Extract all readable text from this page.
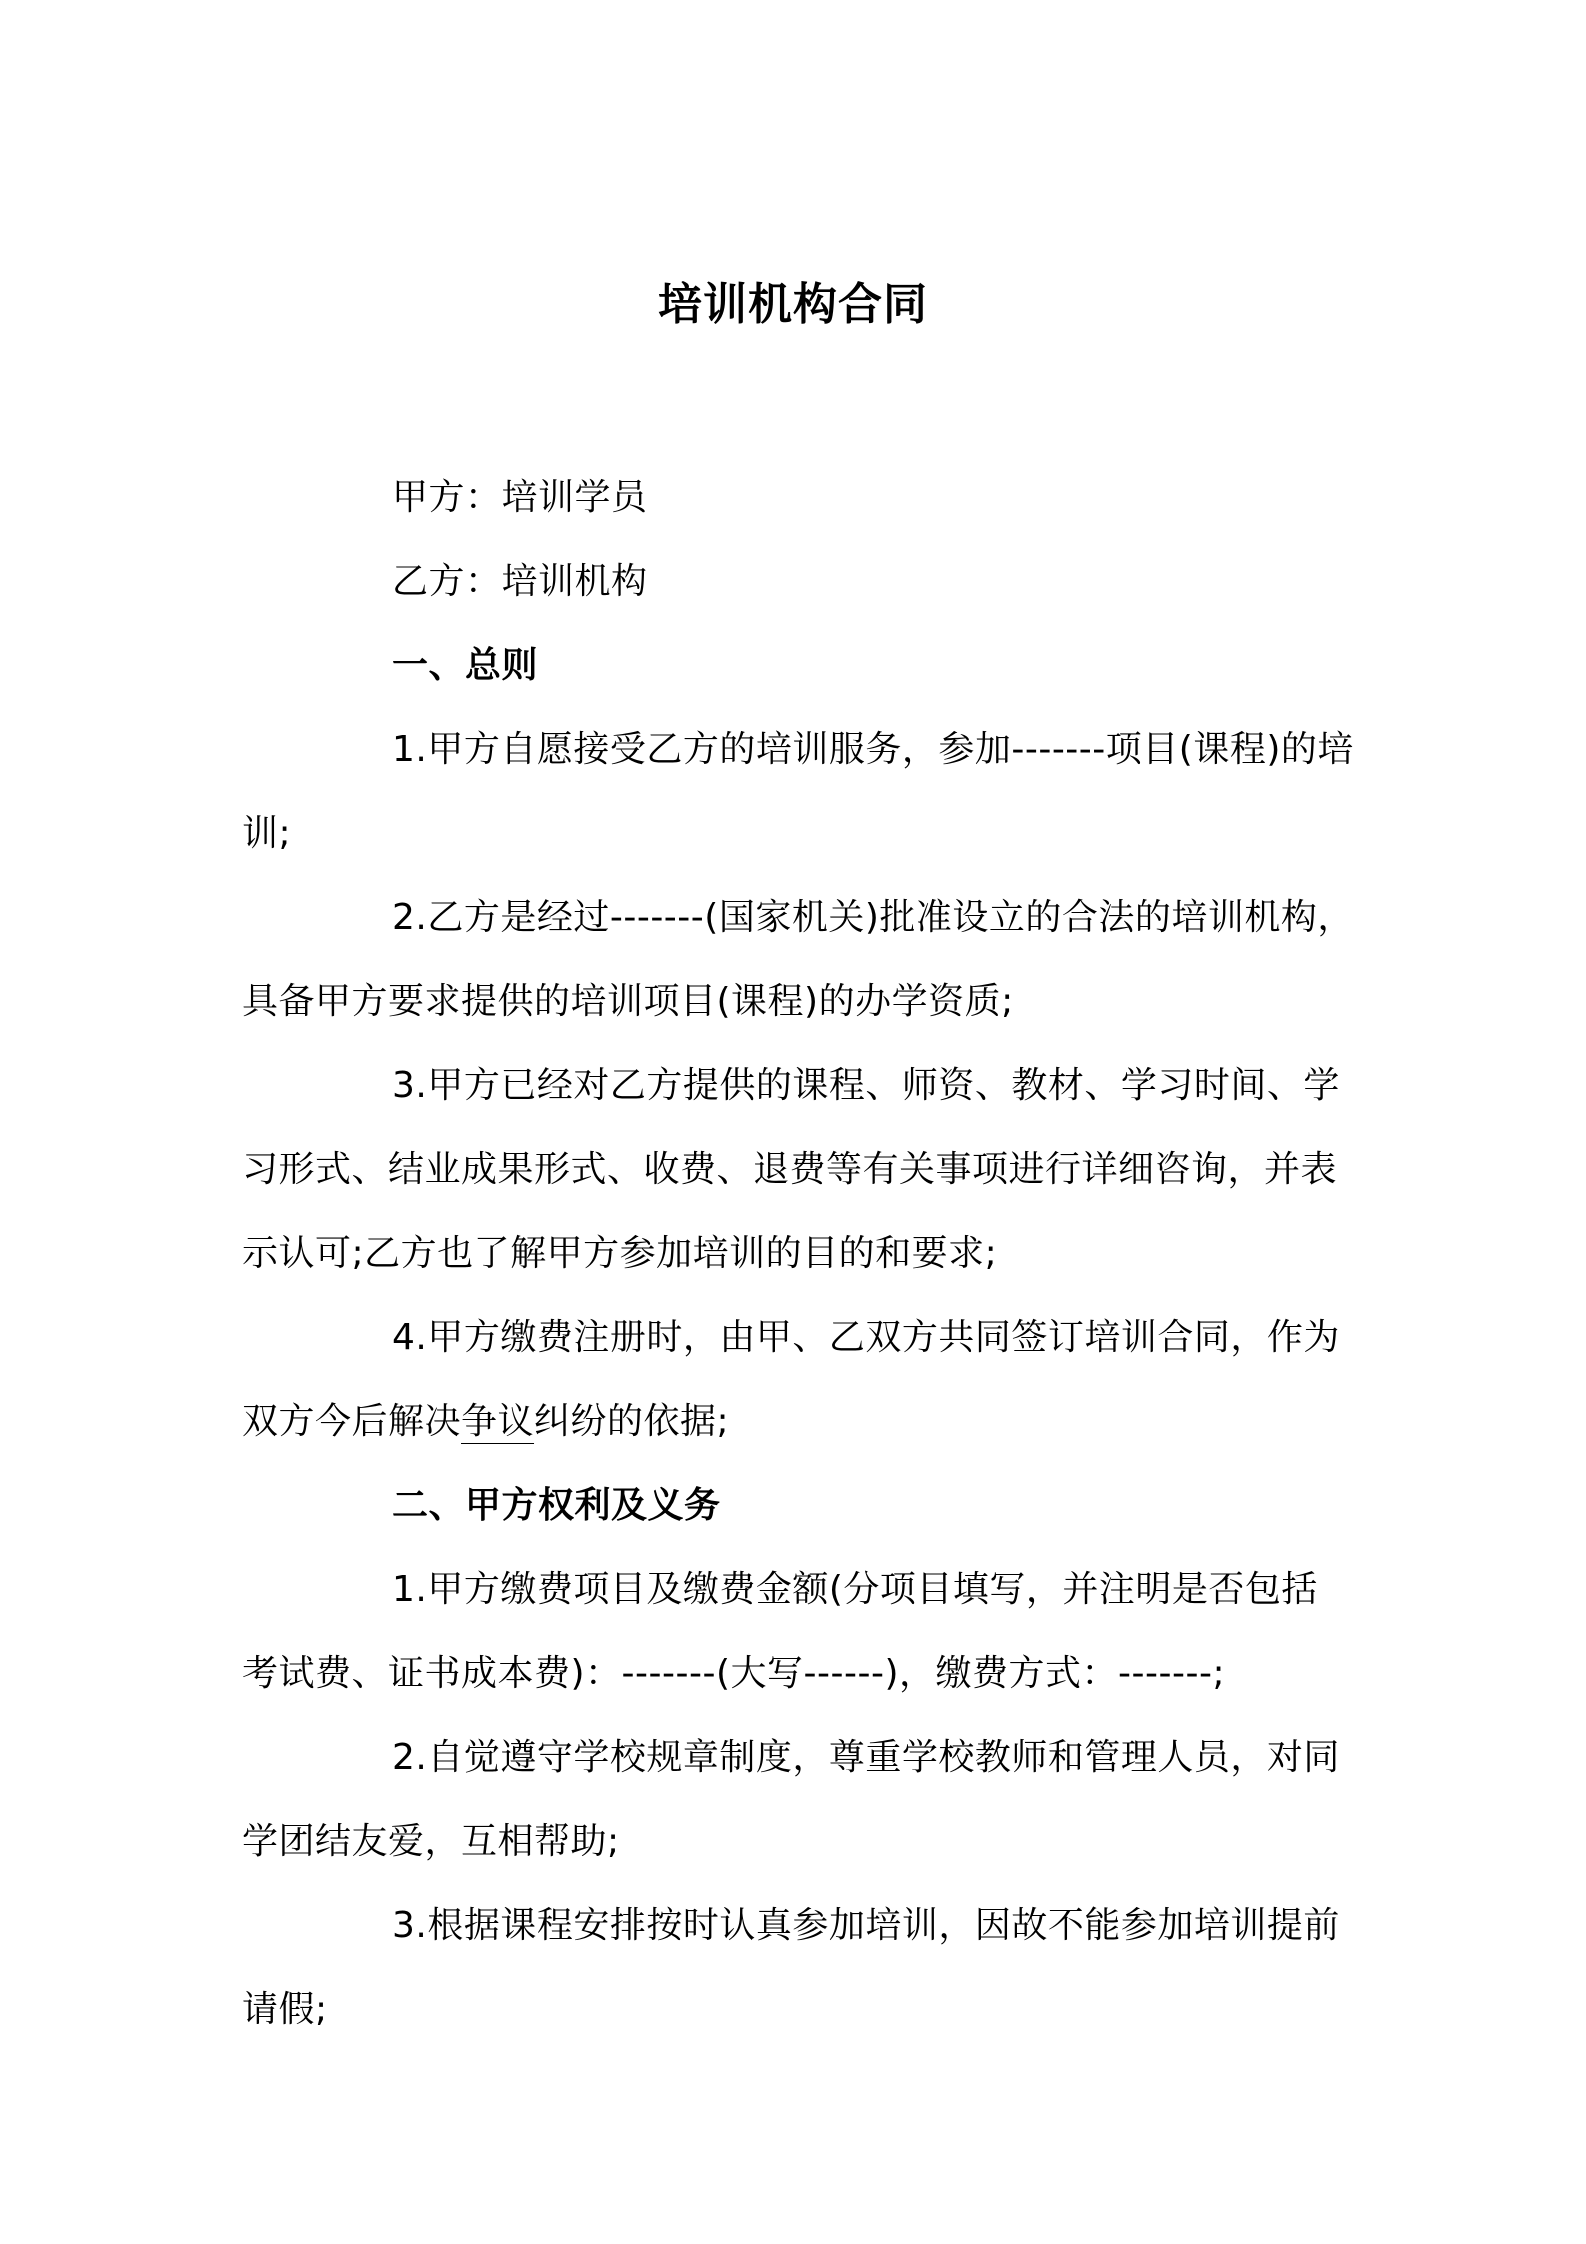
培训机构合同
甲方：培训学员
乙方：培训机构
一、总则
1.甲方自愿接受乙方的培训服务，参加-------项目(课程)的培
训;
2.乙方是经过-------(国家机关)批准设立的合法的培训机构，
具备甲方要求提供的培训项目(课程)的办学资质;
3.甲方已经对乙方提供的课程、师资、教材、学习时间、学
习形式、结业成果形式、收费、退费等有关事项进行详细咨询，并表
示认可;乙方也了解甲方参加培训的目的和要求;
4.甲方缴费注册时，由甲、乙双方共同签订培训合同，作为
双方今后解决争议纠纷的依据;
二、甲方权利及义务
1.甲方缴费项目及缴费金额(分项目填写，并注明是否包括
考试费、证书成本费)：-------(大写------)，缴费方式：-------;
2.自觉遵守学校规章制度，尊重学校教师和管理人员，对同
学团结友爱，互相帮助;
3.根据课程安排按时认真参加培训，因故不能参加培训提前
请假;
